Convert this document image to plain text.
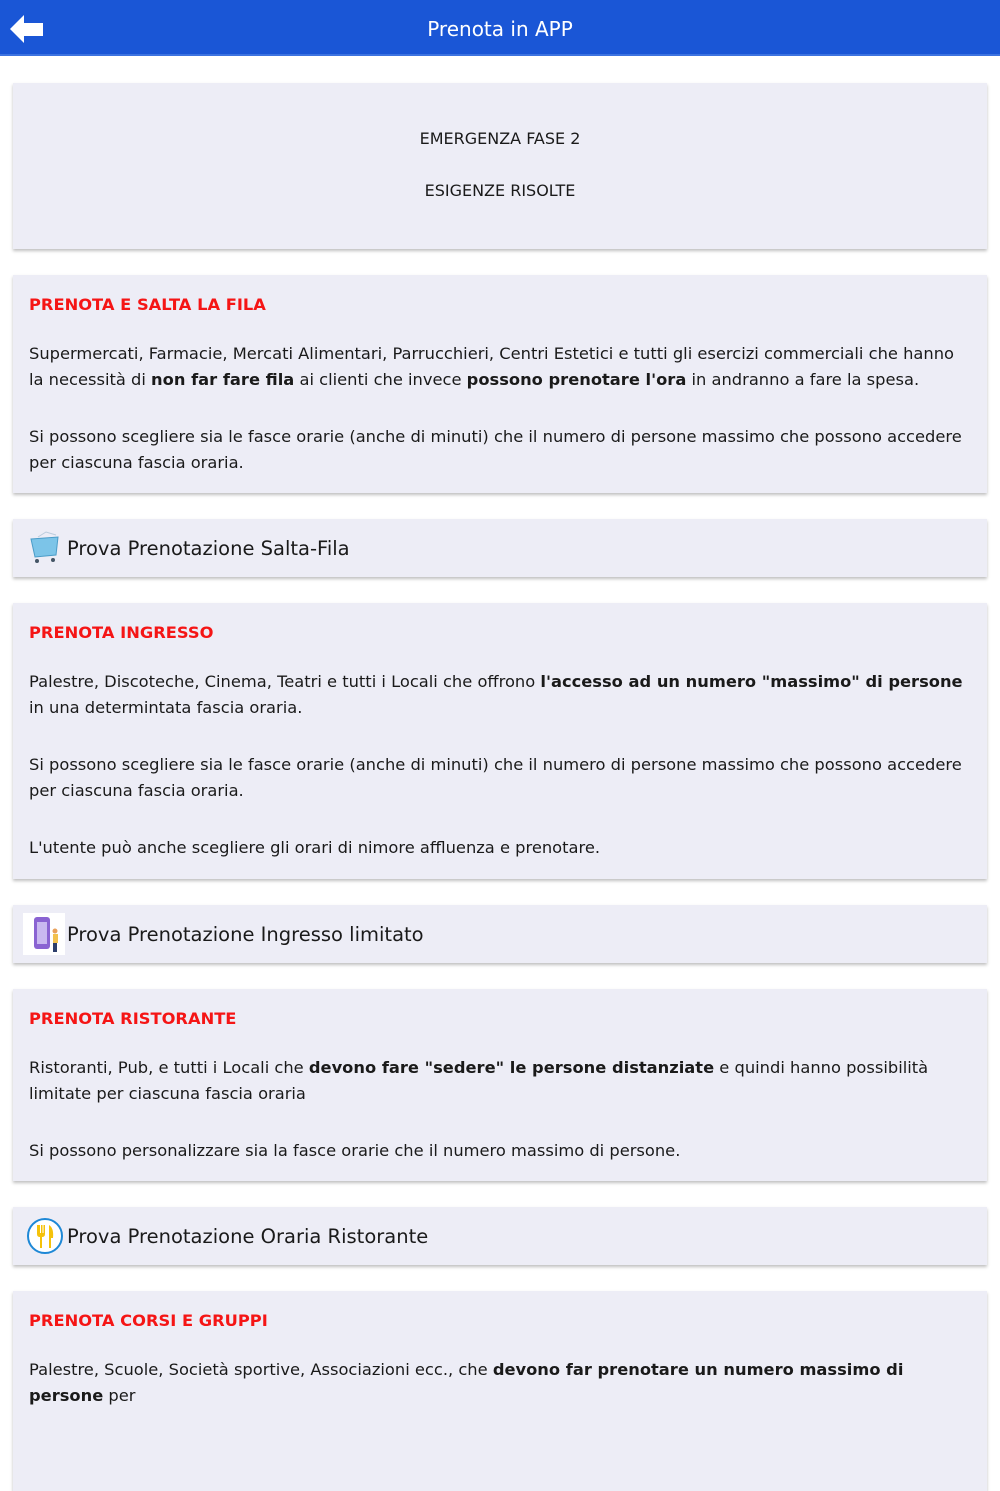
Prenota in APP
EMERGENZA FASE 2
ESIGENZE RISOLTE
PRENOTA E SALTA LA FILA

Supermercati, Farmacie, Mercati Alimentari, Parrucchieri, Centri Estetici e tutti gli esercizi commerciali che hanno la necessità di non far fare fila ai clienti che invece possono prenotare l'ora in andranno a fare la spesa.

Si possono scegliere sia le fasce orarie (anche di minuti) che il numero di persone massimo che possono accedere per ciascuna fascia oraria.

Prova Prenotazione Salta-Fila
PRENOTA INGRESSO

Palestre, Discoteche, Cinema, Teatri e tutti i Locali che offrono l'accesso ad un numero "massimo" di persone in una determintata fascia oraria.

Si possono scegliere sia le fasce orarie (anche di minuti) che il numero di persone massimo che possono accedere per ciascuna fascia oraria.

L'utente può anche scegliere gli orari di nimore affluenza e prenotare.

Prova Prenotazione Ingresso limitato
PRENOTA RISTORANTE

Ristoranti, Pub, e tutti i Locali che devono fare "sedere" le persone distanziate e quindi hanno possibilità limitate per ciascuna fascia oraria

Si possono personalizzare sia la fasce orarie che il numero massimo di persone.

Prova Prenotazione Oraria Ristorante
PRENOTA CORSI E GRUPPI

Palestre, Scuole, Società sportive, Associazioni ecc., che devono far prenotare un numero massimo di persone per
